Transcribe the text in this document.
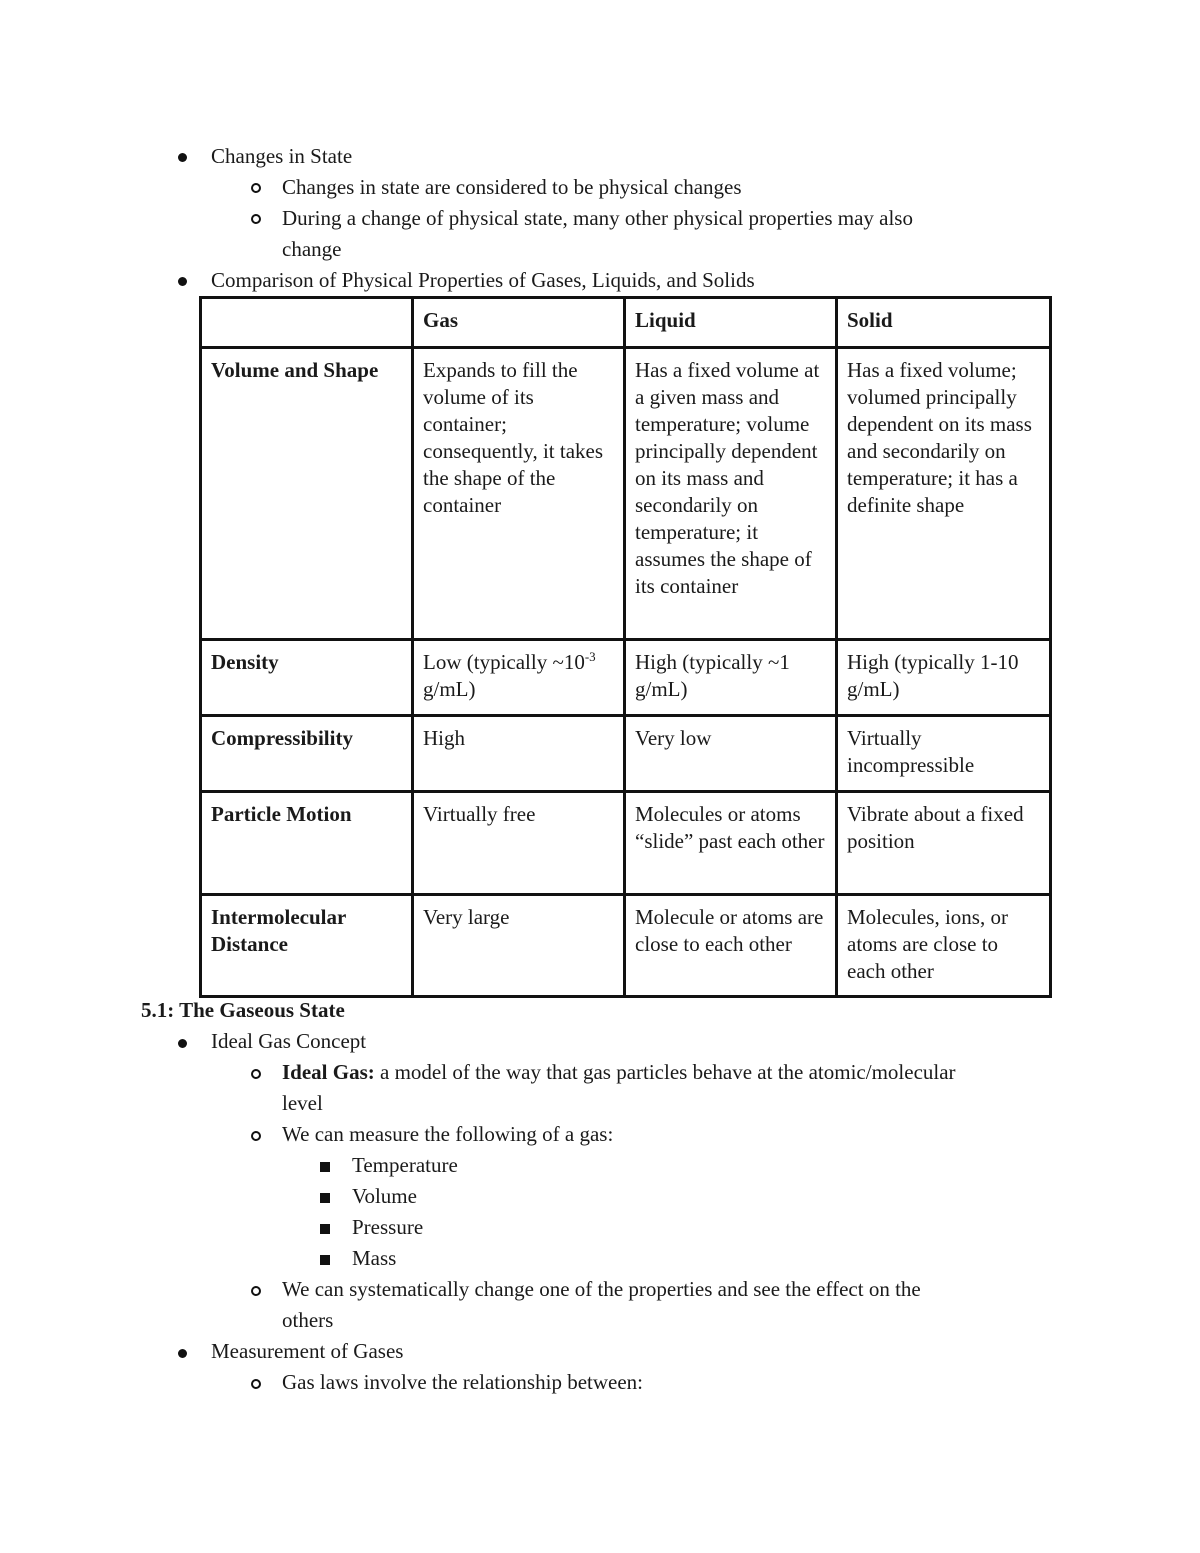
Changes in State
Changes in state are considered to be physical changes
During a change of physical state, many other physical properties may also
change
Comparison of Physical Properties of Gases, Liquids, and Solids
	Gas	Liquid	Solid
Volume and Shape	Expands to fill the volume of its container; consequently, it takes the shape of the container	Has a fixed volume at a given mass and temperature; volume principally dependent on its mass and secondarily on temperature; it assumes the shape of its container	Has a fixed volume; volumed principally dependent on its mass and secondarily on temperature; it has a definite shape
Density	Low (typically $\sim 10^{-3}$ g/mL)	High (typically ~1 g/mL)	High (typically 1-10 g/mL)
Compressibility	High	Very low	Virtually incompressible
Particle Motion	Virtually free	Molecules or atoms “slide” past each other	Vibrate about a fixed position
Intermolecular Distance	Very large	Molecule or atoms are close to each other	Molecules, ions, or atoms are close to each other
5.1: The Gaseous State
Ideal Gas Concept
Ideal Gas: a model of the way that gas particles behave at the atomic/molecular
level
We can measure the following of a gas:
Temperature
Volume
Pressure
Mass
We can systematically change one of the properties and see the effect on the
others
Measurement of Gases
Gas laws involve the relationship between:
